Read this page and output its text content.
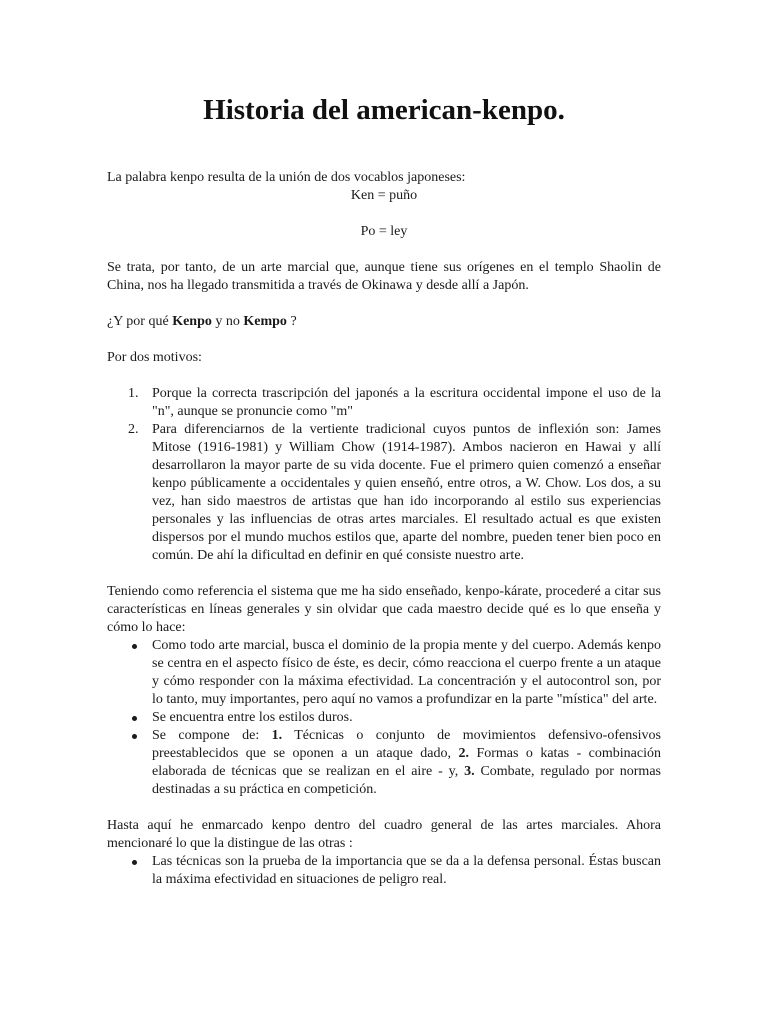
Historia del american-kenpo.

La palabra kenpo resulta de la unión de dos vocablos japoneses:

Ken = puño

Po = ley

Se trata, por tanto, de un arte marcial que, aunque tiene sus orígenes en el templo Shaolin de China, nos ha llegado transmitida a través de Okinawa y desde allí a Japón.

¿Y por qué Kenpo y no Kempo ?

Por dos motivos:

1. Porque la correcta trascripción del japonés a la escritura occidental impone el uso de la "n", aunque se pronuncie como "m"
2. Para diferenciarnos de la vertiente tradicional cuyos puntos de inflexión son: James Mitose (1916-1981) y William Chow (1914-1987). Ambos nacieron en Hawai y allí desarrollaron la mayor parte de su vida docente. Fue el primero quien comenzó a enseñar kenpo públicamente a occidentales y quien enseñó, entre otros, a W. Chow. Los dos, a su vez, han sido maestros de artistas que han ido incorporando al estilo sus experiencias personales y las influencias de otras artes marciales. El resultado actual es que existen dispersos por el mundo muchos estilos que, aparte del nombre, pueden tener bien poco en común. De ahí la dificultad en definir en qué consiste nuestro arte.

Teniendo como referencia el sistema que me ha sido enseñado, kenpo-kárate, procederé a citar sus características en líneas generales y sin olvidar que cada maestro decide qué es lo que enseña y cómo lo hace:

Como todo arte marcial, busca el dominio de la propia mente y del cuerpo. Además kenpo se centra en el aspecto físico de éste, es decir, cómo reacciona el cuerpo frente a un ataque y cómo responder con la máxima efectividad. La concentración y el autocontrol son, por lo tanto, muy importantes, pero aquí no vamos a profundizar en la parte "mística" del arte.
Se encuentra entre los estilos duros.
Se compone de: 1. Técnicas o conjunto de movimientos defensivo-ofensivos preestablecidos que se oponen a un ataque dado, 2. Formas o katas - combinación elaborada de técnicas que se realizan en el aire - y, 3. Combate, regulado por normas destinadas a su práctica en competición.

Hasta aquí he enmarcado kenpo dentro del cuadro general de las artes marciales. Ahora mencionaré lo que la distingue de las otras :

Las técnicas son la prueba de la importancia que se da a la defensa personal. Éstas buscan la máxima efectividad en situaciones de peligro real.
